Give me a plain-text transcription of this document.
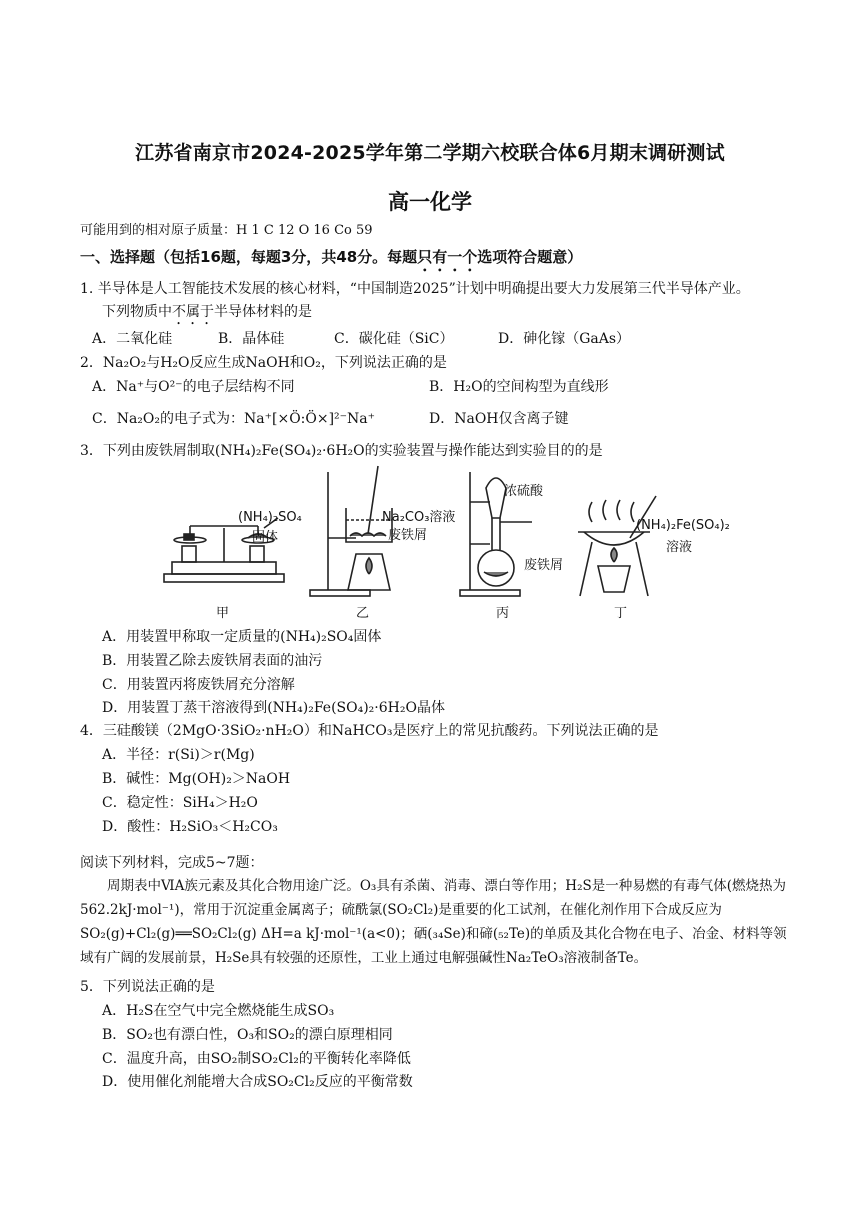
江苏省南京市2024-2025学年第二学期六校联合体6月期末调研测试
高一化学
可能用到的相对原子质量：H 1 C 12 O 16 Co 59
一、选择题（包括16题，每题3分，共48分。每题只有一个选项符合题意）
1. 半导体是人工智能技术发展的核心材料，“中国制造2025”计划中明确提出要大力发展第三代半导体产业。
下列物质中不属于半导体材料的是
A．二氧化硅	B．晶体硅	C．碳化硅（SiC）	D．砷化镓（GaAs）
2．Na₂O₂与H₂O反应生成NaOH和O₂，下列说法正确的是
A．Na⁺与O²⁻的电子层结构不同	B．H₂O的空间构型为直线形
C．Na₂O₂的电子式为：Na⁺[×Ö:Ö×]²⁻Na⁺	D．NaOH仅含离子键
3．下列由废铁屑制取(NH₄)₂Fe(SO₄)₂·6H₂O的实验装置与操作能达到实验目的的是
(NH₄)₂SO₄
固体
Na₂CO₃溶液
废铁屑
浓硫酸
废铁屑
(NH₄)₂Fe(SO₄)₂
溶液
甲	乙	丙	丁
A．用装置甲称取一定质量的(NH₄)₂SO₄固体
B．用装置乙除去废铁屑表面的油污
C．用装置丙将废铁屑充分溶解
D．用装置丁蒸干溶液得到(NH₄)₂Fe(SO₄)₂·6H₂O晶体
4．三硅酸镁（2MgO·3SiO₂·nH₂O）和NaHCO₃是医疗上的常见抗酸药。下列说法正确的是
A．半径：r(Si)＞r(Mg)
B．碱性：Mg(OH)₂＞NaOH
C．稳定性：SiH₄＞H₂O
D．酸性：H₂SiO₃＜H₂CO₃
阅读下列材料，完成5~7题：

周期表中ⅥA族元素及其化合物用途广泛。O₃具有杀菌、消毒、漂白等作用；H₂S是一种易燃的有毒气体(燃烧热为562.2kJ·mol⁻¹)，常用于沉淀重金属离子；硫酰氯(SO₂Cl₂)是重要的化工试剂，在催化剂作用下合成反应为SO₂(g)+Cl₂(g)══SO₂Cl₂(g) ΔH=a kJ·mol⁻¹(a<0)；硒(₃₄Se)和碲(₅₂Te)的单质及其化合物在电子、冶金、材料等领域有广阔的发展前景，H₂Se具有较强的还原性，工业上通过电解强碱性Na₂TeO₃溶液制备Te。

5．下列说法正确的是
A．H₂S在空气中完全燃烧能生成SO₃
B．SO₂也有漂白性，O₃和SO₂的漂白原理相同
C．温度升高，由SO₂制SO₂Cl₂的平衡转化率降低
D．使用催化剂能增大合成SO₂Cl₂反应的平衡常数
